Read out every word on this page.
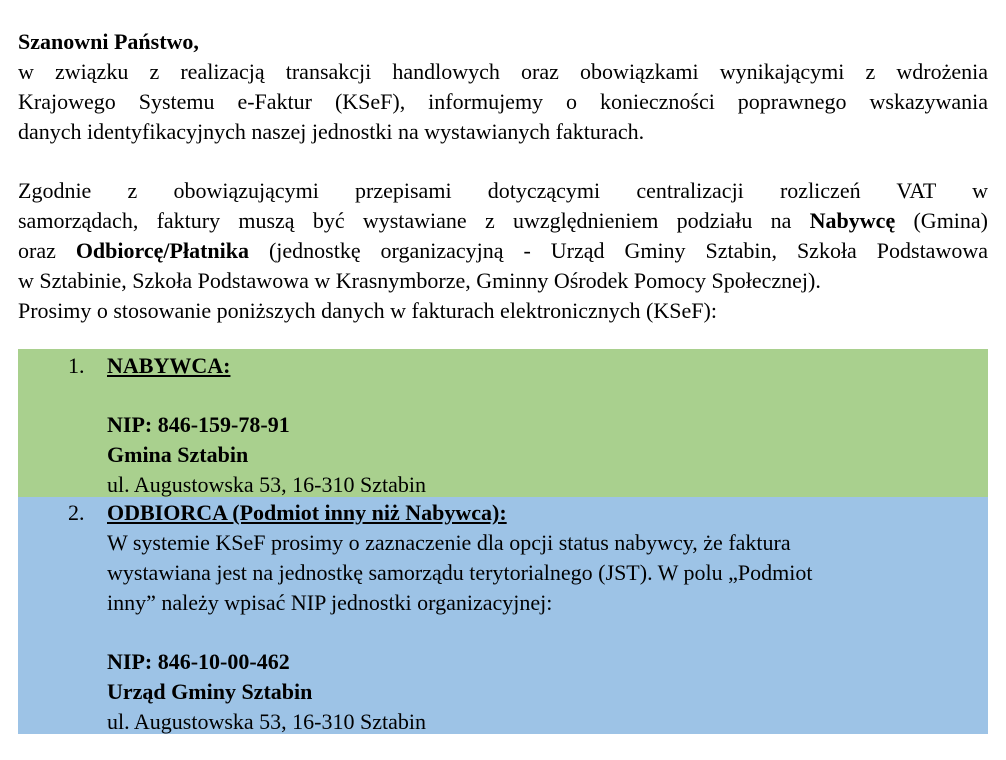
Szanowni Państwo,
w związku z realizacją transakcji handlowych oraz obowiązkami wynikającymi z wdrożenia
Krajowego Systemu e-Faktur (KSeF), informujemy o konieczności poprawnego wskazywania
danych identyfikacyjnych naszej jednostki na wystawianych fakturach.
Zgodnie z obowiązującymi przepisami dotyczącymi centralizacji rozliczeń VAT w
samorządach, faktury muszą być wystawiane z uwzględnieniem podziału na Nabywcę (Gmina)
oraz Odbiorcę/Płatnika (jednostkę organizacyjną - Urząd Gminy Sztabin, Szkoła Podstawowa
w Sztabinie, Szkoła Podstawowa w Krasnymborze, Gminny Ośrodek Pomocy Społecznej).
Prosimy o stosowanie poniższych danych w fakturach elektronicznych (KSeF):
1.	NABYWCA:
NIP: 846-159-78-91
Gmina Sztabin
ul. Augustowska 53, 16-310 Sztabin
2.	ODBIORCA (Podmiot inny niż Nabywca):
W systemie KSeF prosimy o zaznaczenie dla opcji status nabywcy, że faktura
wystawiana jest na jednostkę samorządu terytorialnego (JST). W polu „Podmiot
inny” należy wpisać NIP jednostki organizacyjnej:
NIP: 846-10-00-462
Urząd Gminy Sztabin
ul. Augustowska 53, 16-310 Sztabin
